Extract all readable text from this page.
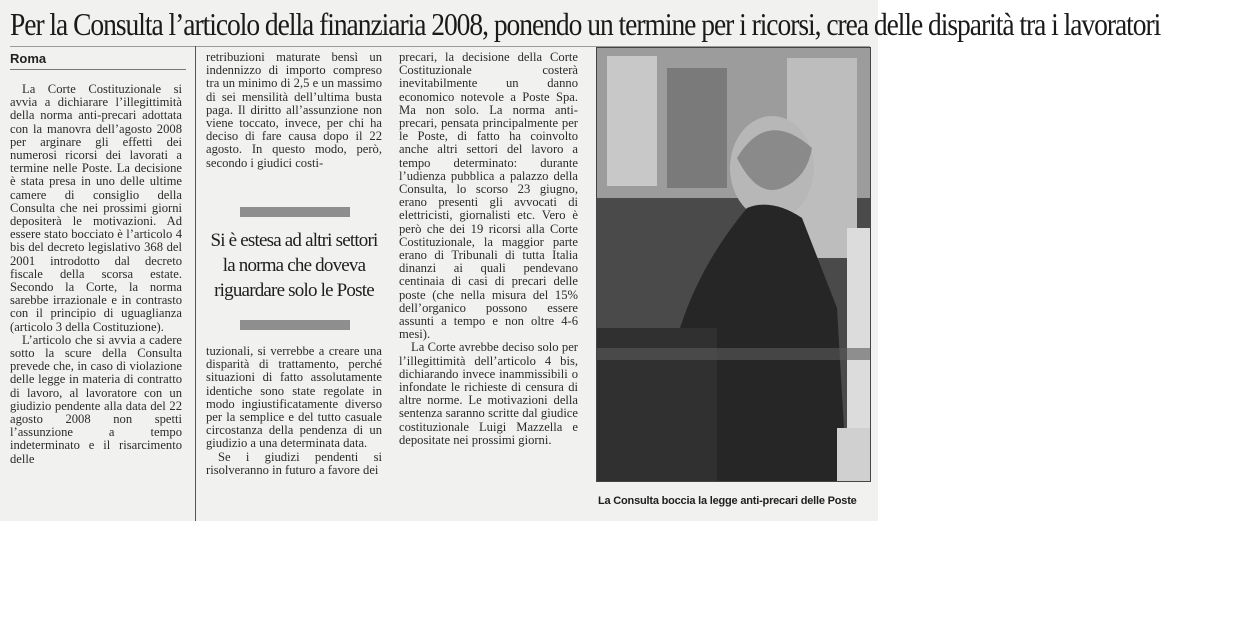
Per la Consulta l’articolo della finanziaria 2008, ponendo un termine per i ricorsi, crea delle disparità tra i lavoratori
Roma

La Corte Costituzionale si avvia a dichiarare l’illegittimità della norma anti-precari adottata con la manovra dell’agosto 2008 per arginare gli effetti dei numerosi ricorsi dei lavorati a termine nelle Poste. La decisione è stata presa in uno delle ultime camere di consiglio della Consulta che nei prossimi giorni depositerà le motivazioni. Ad essere stato bocciato è l’articolo 4 bis del decreto legislativo 368 del 2001 introdotto dal decreto fiscale della scorsa estate. Secondo la Corte, la norma sarebbe irrazionale e in contrasto con il principio di uguaglianza (articolo 3 della Costituzione).

L’articolo che si avvia a cadere sotto la scure della Consulta prevede che, in caso di violazione delle legge in materia di contratto di lavoro, al lavoratore con un giudizio pendente alla data del 22 agosto 2008 non spetti l’assunzione a tempo indeterminato e il risarcimento delle

retribuzioni maturate bensì un indennizzo di importo compreso tra un minimo di 2,5 e un massimo di sei mensilità dell’ultima busta paga. Il diritto all’assunzione non viene toccato, invece, per chi ha deciso di fare causa dopo il 22 agosto. In questo modo, però, secondo i giudici costi-

Si è estesa ad altri settori la norma che doveva riguardare solo le Poste

tuzionali, si verrebbe a creare una disparità di trattamento, perché situazioni di fatto assolutamente identiche sono state regolate in modo ingiustificatamente diverso per la semplice e del tutto casuale circostanza della pendenza di un giudizio a una determinata data.

Se i giudizi pendenti si risolveranno in futuro a favore dei

precari, la decisione della Corte Costituzionale costerà inevitabilmente un danno economico notevole a Poste Spa. Ma non solo. La norma anti-precari, pensata principalmente per le Poste, di fatto ha coinvolto anche altri settori del lavoro a tempo determinato: durante l’udienza pubblica a palazzo della Consulta, lo scorso 23 giugno, erano presenti gli avvocati di elettricisti, giornalisti etc. Vero è però che dei 19 ricorsi alla Corte Costituzionale, la maggior parte erano di Tribunali di tutta Italia dinanzi ai quali pendevano centinaia di casi di precari delle poste (che nella misura del 15% dell’organico possono essere assunti a tempo e non oltre 4-6 mesi).

La Corte avrebbe deciso solo per l’illegittimità dell’articolo 4 bis, dichiarando invece inammissibili o infondate le richieste di censura di altre norme. Le motivazioni della sentenza saranno scritte dal giudice costituzionale Luigi Mazzella e depositate nei prossimi giorni.

La Consulta boccia la legge anti-precari delle Poste
